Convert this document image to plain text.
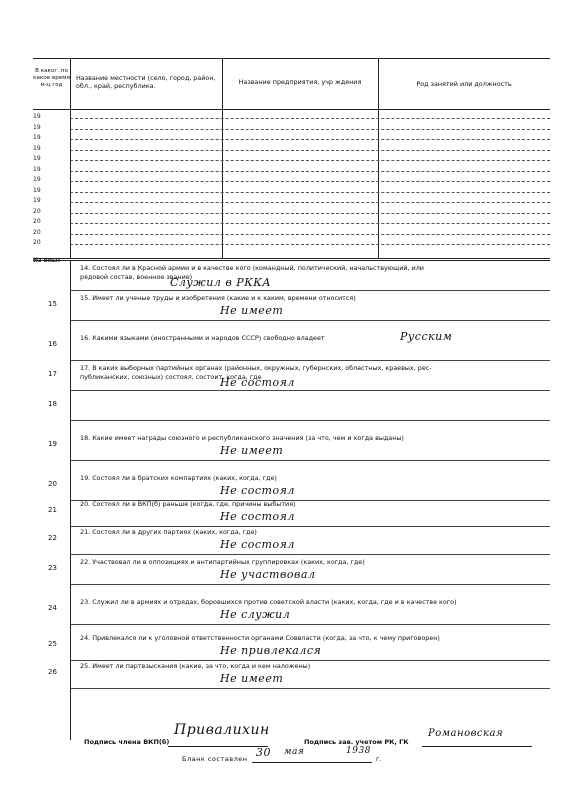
В каког. по какое время м-ц год
Название местности (село, город, район, обл., край, республика.	Название предприятия, учр ждения	Род занятий или должность
19
19
19
19
19
19
19
19
19
20
20
20
20
Из опыт
14. Состоял ли в Красной армии и в качестве кого (командный, политический, начальствующий, или
рядовой состав, военное звание)
Служил в РККА
15
15. Имеет ли ученые труды и изобретения (какие и к каким, времени относится)
Не имеет
16
16. Какими языками (иностранными и народов СССР) свободно владеет	Русским
17
17. В каких выборных партийных органах (районных, окружных, губернских, областных, краевых, рес-
публиканских, союзных) состоял, состоит, когда, где
Не состоял
18
19
18. Какие имеет награды союзного и республиканского значения (за что, чем и когда выданы)
Не имеет
20
19. Состоял ли в братских компартиях (каких, когда, где)
Не состоял
21
20. Состоял ли в ВКП(б) раньше (когда, где, причины выбытия)
Не состоял
22
21. Состоял ли в других партиях (каких, когда, где)
Не состоял
23
22. Участвовал ли в оппозициях и антипартийных группировках (каких, когда, где)
Не участвовал
24
23. Служил ли в армиях и отрядах, боровшихся против советской власти (каких, когда, где и в качестве кого)
Не служил
25
24. Привлекался ли к уголовной ответственности органами Соввласти (когда, за что, к чему приговорен)
Не привлекался
26
25. Имеет ли партвзыскания (какие, за что, когда и кем наложены)
Не имеет
Подпись члена ВКП(б)
Привалихин
Подпись зав. учетом РК, ГК
Романовская
Бланк составлен 30 мая	1938
г.
